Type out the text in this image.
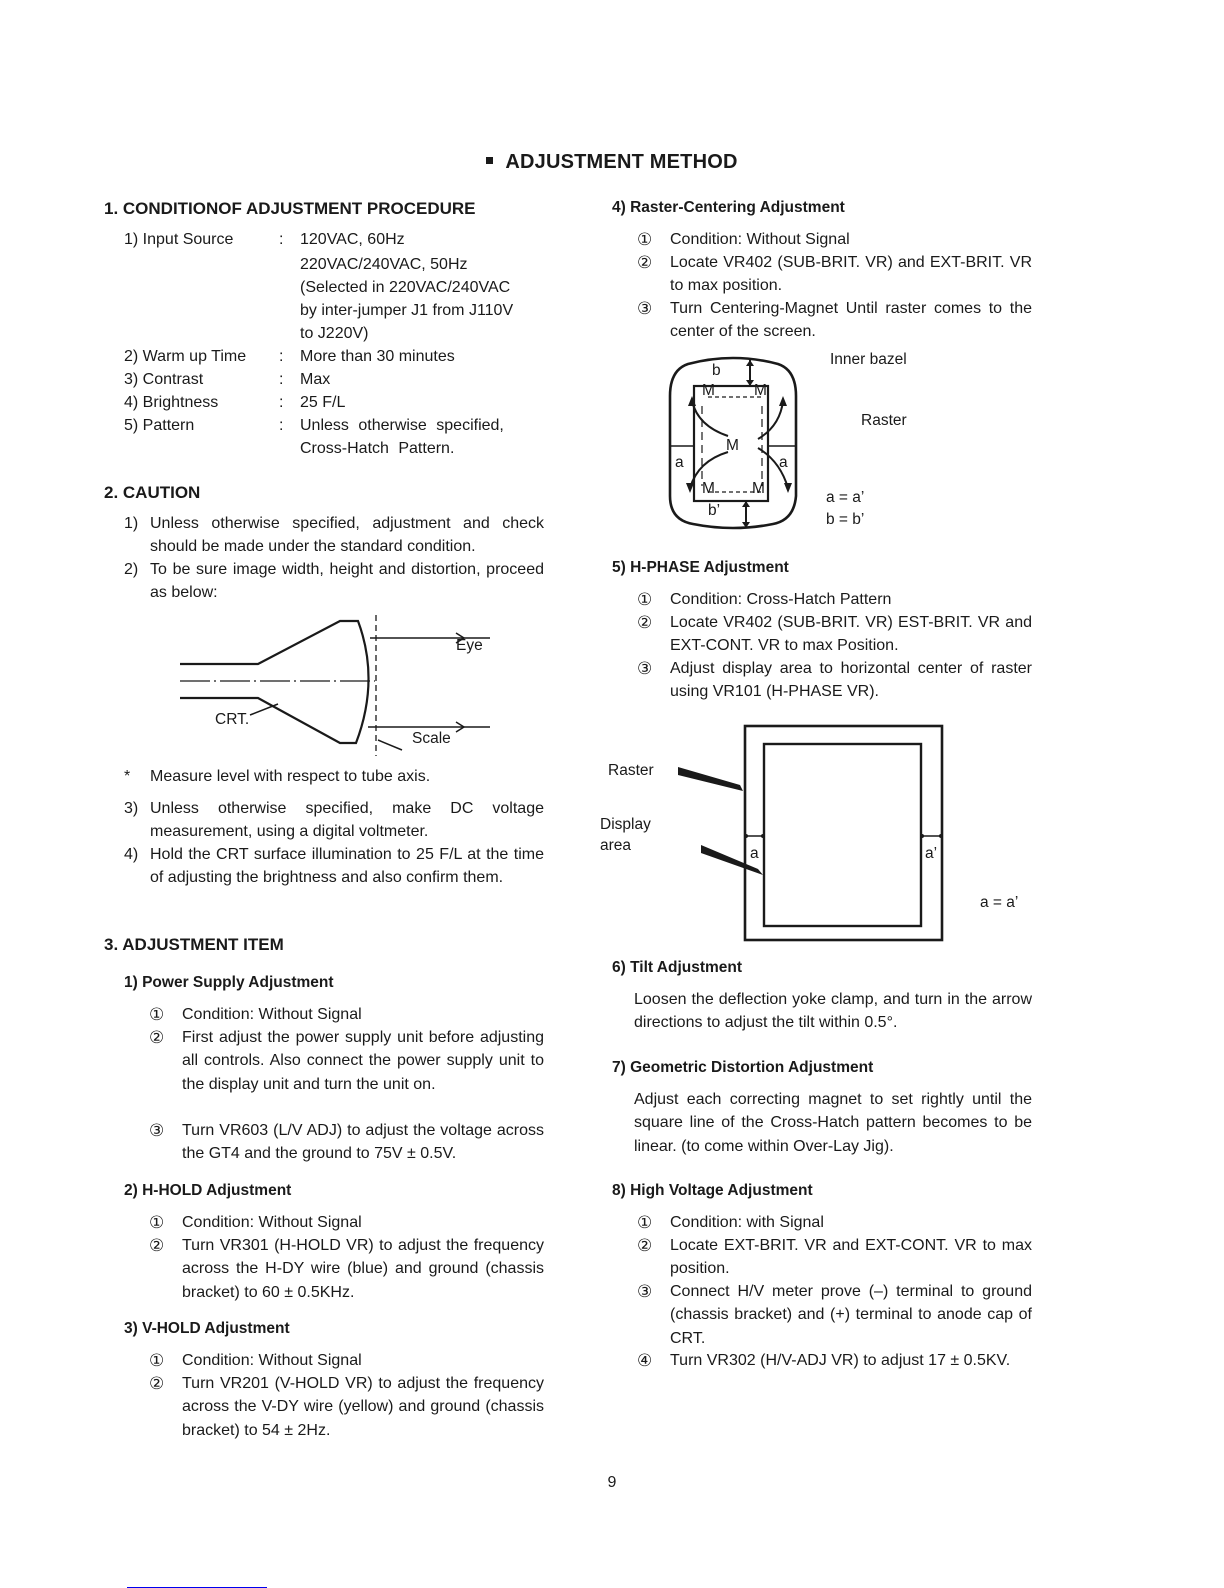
ADJUSTMENT METHOD
1. CONDITIONOF ADJUSTMENT PROCEDURE
1) Input Source	: 120VAC, 60Hz
220VAC/240VAC, 50Hz
(Selected in 220VAC/240VAC
by inter-jumper J1 from J110V
to J220V)
2) Warm up Time : More than 30 minutes
3) Contrast	: Max
4) Brightness	: 25 F/L
5) Pattern	: Unless otherwise specified, Cross-Hatch Pattern.
2. CAUTION
1) Unless otherwise specified, adjustment and check should be made under the standard condition.
2) To be sure image width, height and distortion, proceed as below:
CRT.
Eye
Scale
* Measure level with respect to tube axis.
3) Unless otherwise specified, make DC voltage measurement, using a digital voltmeter.
4) Hold the CRT surface illumination to 25 F/L at the time of adjusting the brightness and also confirm them.
3. ADJUSTMENT ITEM
1) Power Supply Adjustment
① Condition: Without Signal
② First adjust the power supply unit before adjusting all controls. Also connect the power supply unit to the display unit and turn the unit on.
③ Turn VR603 (L/V ADJ) to adjust the voltage across the GT4 and the ground to 75V ± 0.5V.
2) H-HOLD Adjustment
① Condition: Without Signal
② Turn VR301 (H-HOLD VR) to adjust the frequency across the H-DY wire (blue) and ground (chassis bracket) to 60 ± 0.5KHz.
3) V-HOLD Adjustment
① Condition: Without Signal
② Turn VR201 (V-HOLD VR) to adjust the frequency across the V-DY wire (yellow) and ground (chassis bracket) to 54 ± 2Hz.
4) Raster-Centering Adjustment
① Condition: Without Signal
② Locate VR402 (SUB-BRIT. VR) and EXT-BRIT. VR to max position.
③ Turn Centering-Magnet Until raster comes to the center of the screen.
b
M	M
M
a	a
M M
b’
Inner bazel
Raster
a = a’
b = b’
5) H-PHASE Adjustment
① Condition: Cross-Hatch Pattern
② Locate VR402 (SUB-BRIT. VR) EST-BRIT. VR and EXT-CONT. VR to max Position.
③ Adjust display area to horizontal center of raster using VR101 (H-PHASE VR).
Raster
Display
area	a	a’
a = a’
6) Tilt Adjustment
Loosen the deflection yoke clamp, and turn in the arrow directions to adjust the tilt within 0.5°.
7) Geometric Distortion Adjustment
Adjust each correcting magnet to set rightly until the square line of the Cross-Hatch pattern becomes to be linear. (to come within Over-Lay Jig).
8) High Voltage Adjustment
① Condition: with Signal
② Locate EXT-BRIT. VR and EXT-CONT. VR to max position.
③ Connect H/V meter prove (–) terminal to ground (chassis bracket) and (+) terminal to anode cap of CRT.
④ Turn VR302 (H/V-ADJ VR) to adjust 17 ± 0.5KV.
9
